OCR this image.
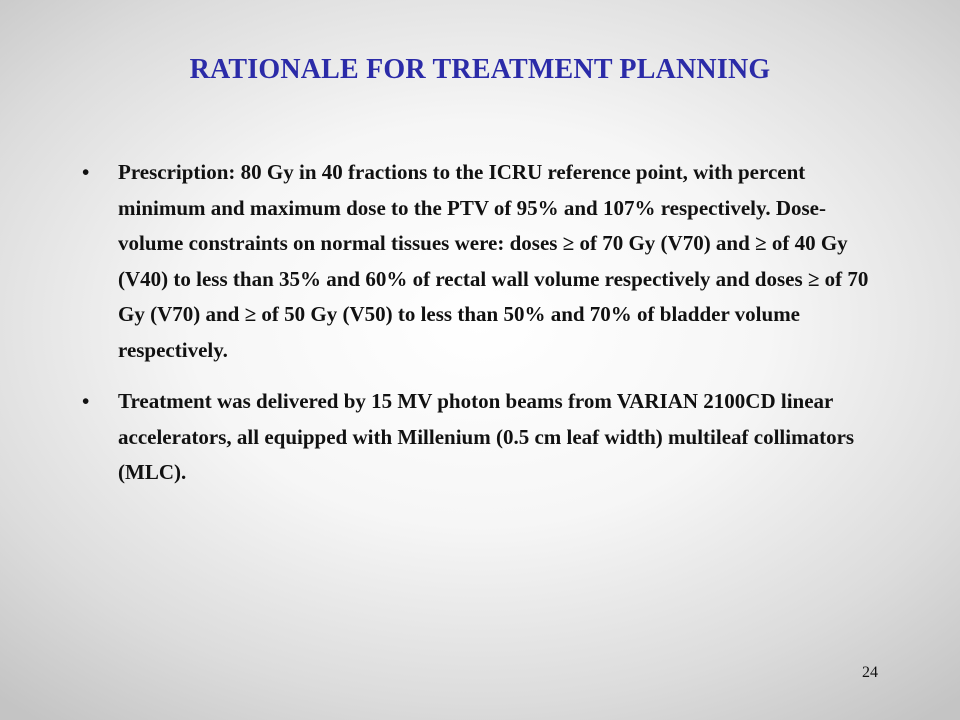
RATIONALE FOR TREATMENT PLANNING
•	Prescription: 80 Gy in 40 fractions to the ICRU reference point, with percent minimum and maximum dose to the PTV of 95% and 107% respectively. Dose-volume constraints on normal tissues were: doses ≥ of 70 Gy (V70) and ≥ of 40 Gy (V40) to less than 35% and 60% of rectal wall volume respectively and doses ≥ of 70 Gy (V70) and ≥ of 50 Gy (V50) to less than 50% and 70% of bladder volume respectively.
•	Treatment was delivered by 15 MV photon beams from VARIAN 2100CD linear accelerators, all equipped with Millenium (0.5 cm leaf width) multileaf collimators (MLC).
24
